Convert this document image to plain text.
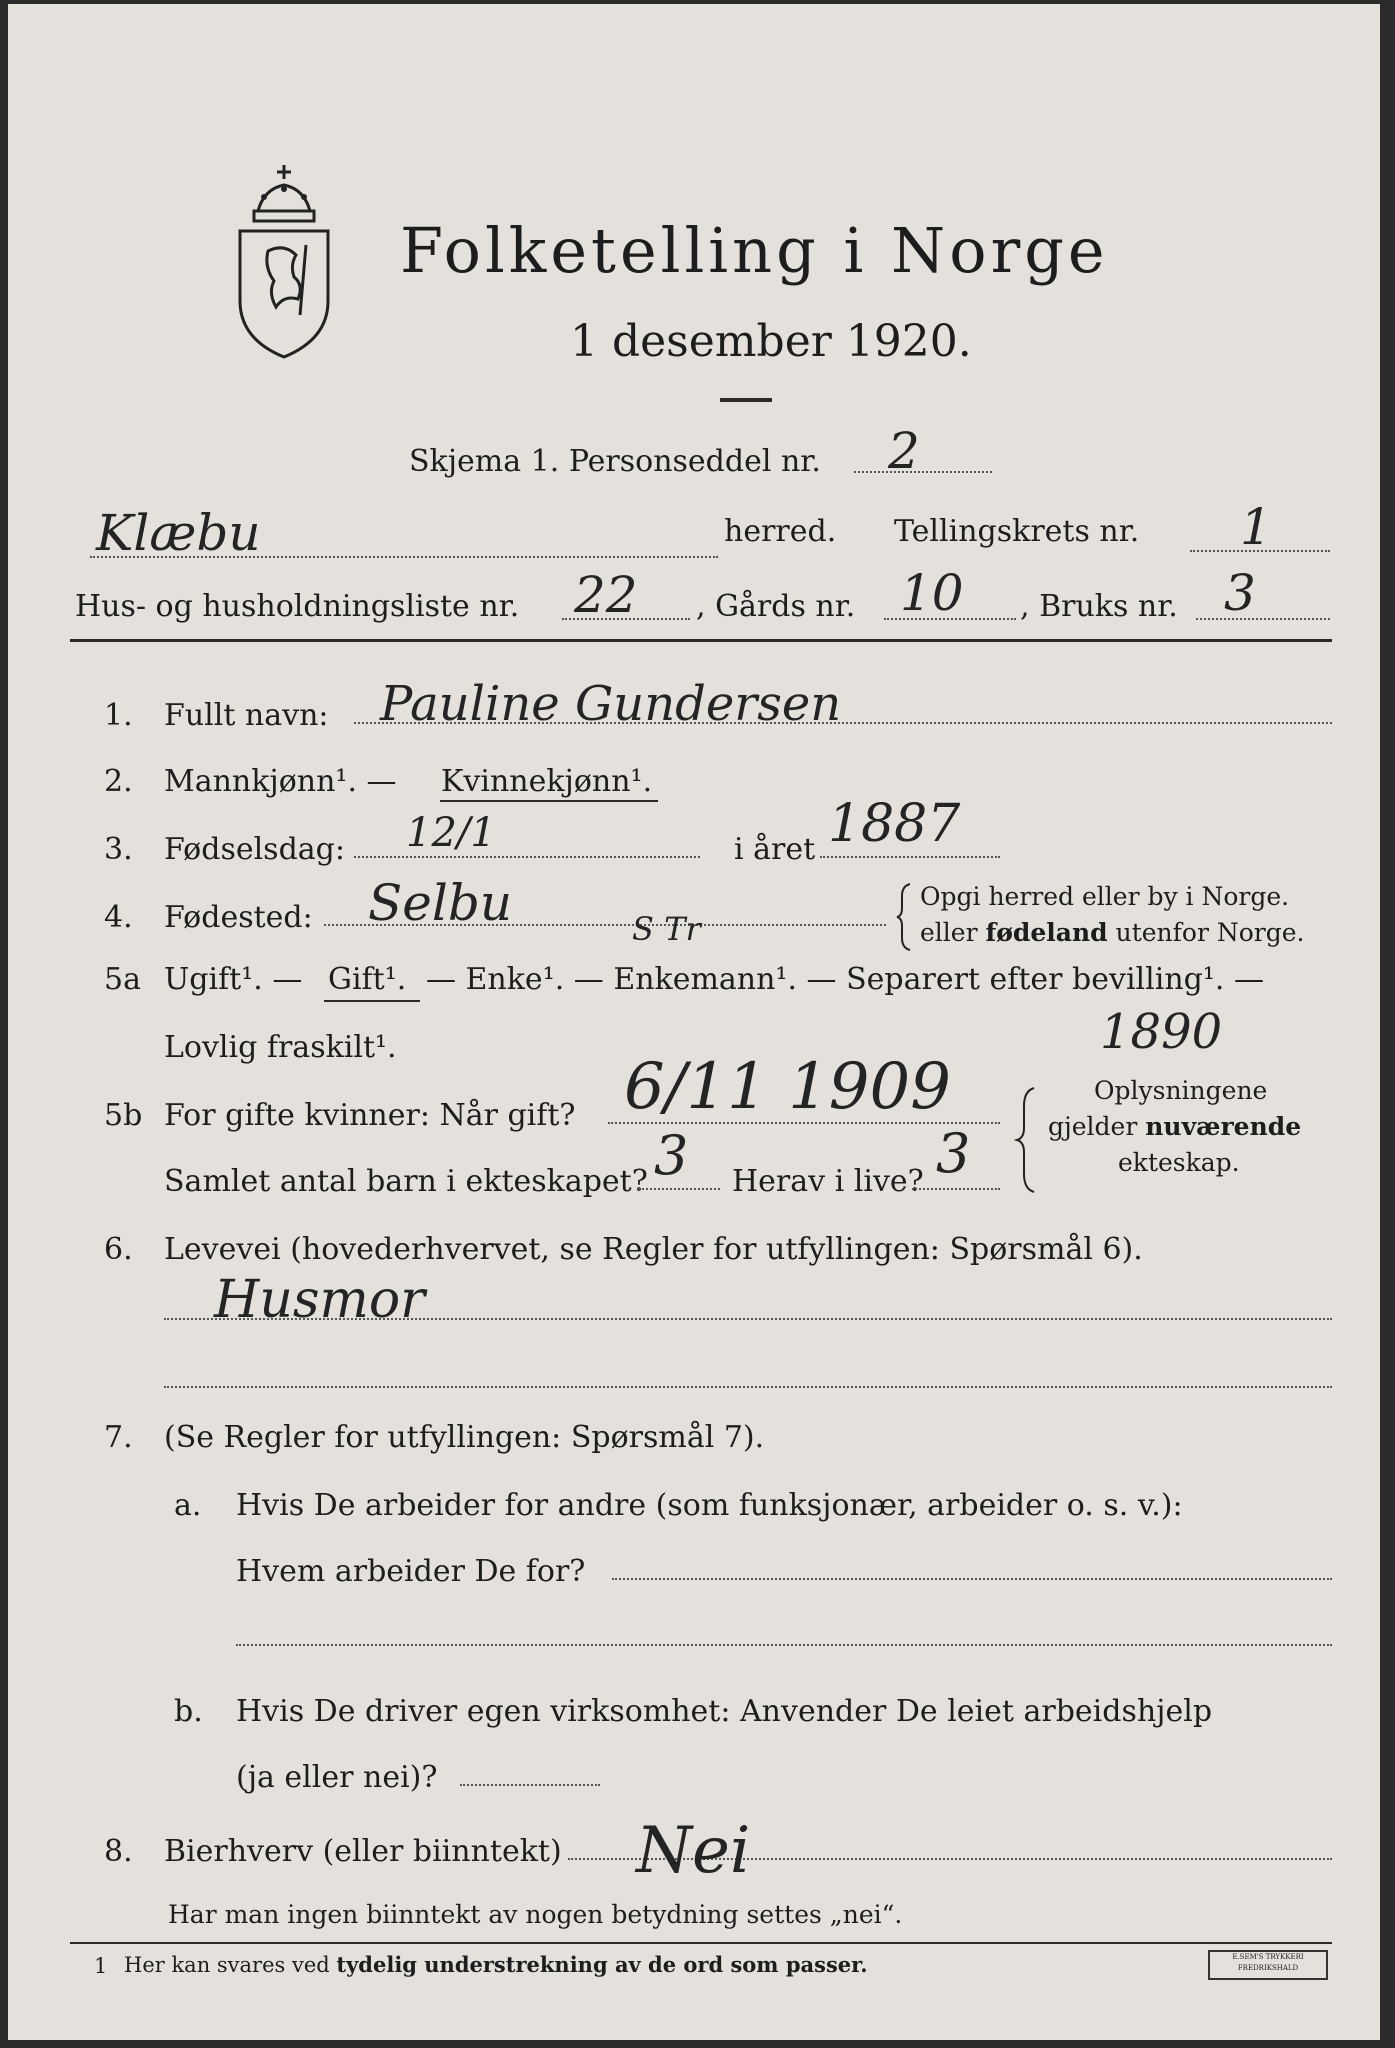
Folketelling i Norge
1 desember 1920.
Skjema 1. Personseddel nr. 2
Klæbu	herred. Tellingskrets nr. 1
Hus- og husholdningsliste nr. 22 , Gårds nr. 10 , Bruks nr. 3
1. Fullt navn: Pauline Gundersen
2. Mannkjønn¹. — Kvinnekjønn¹.
3. Fødselsdag: 12/1	i året 1887
4. Fødested: Selbu	Opgi herred eller by i Norge.
eller fødeland utenfor Norge.
5a Ugift¹. — Gift¹. — Enke¹. — Enkemann¹. — Separert efter bevilling¹. —
S Tr
Lovlig fraskilt¹.	1890
5b For gifte kvinner: Når gift? 6/11 1909
Samlet antal barn i ekteskapet? 3 Herav i live? 3
Oplysningene
gjelder nuværende
ekteskap.
6. Levevei (hovederhvervet, se Regler for utfyllingen: Spørsmål 6).
Husmor
7. (Se Regler for utfyllingen: Spørsmål 7).
a. Hvis De arbeider for andre (som funksjonær, arbeider o. s. v.):
Hvem arbeider De for?
b. Hvis De driver egen virksomhet: Anvender De leiet arbeidshjelp
(ja eller nei)?
8. Bierhverv (eller biinntekt) Nei
Har man ingen biinntekt av nogen betydning settes „nei“.
1 Her kan svares ved tydelig understrekning av de ord som passer.	E.SEM'S TRYKKERI
FREDRIKSHALD
